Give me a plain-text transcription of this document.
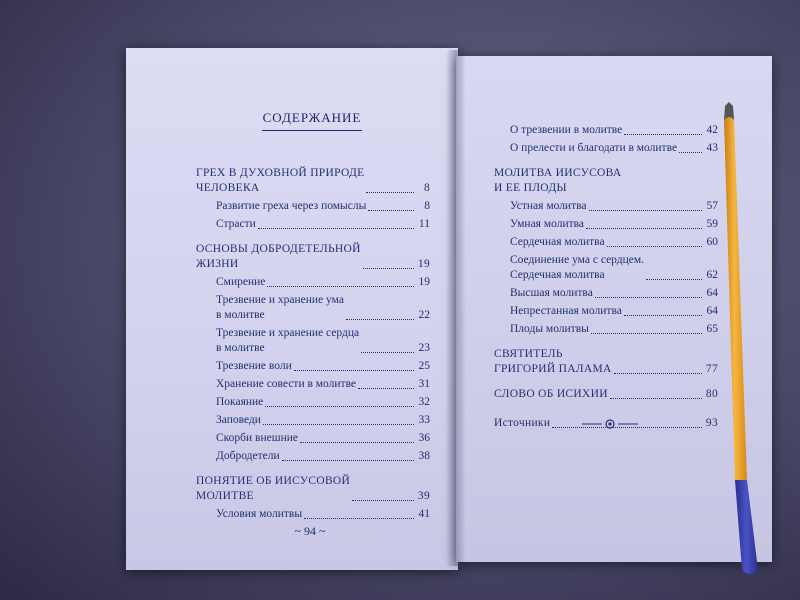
СОДЕРЖАНИЕ
ГРЕХ В ДУХОВНОЙ ПРИРОДЕ
ЧЕЛОВЕКА	8
Развитие греха через помыслы	8
Страсти	11
ОСНОВЫ ДОБРОДЕТЕЛЬНОЙ
ЖИЗНИ	19
Смирение	19
Трезвение и хранение ума
в молитве	22
Трезвение и хранение сердца
в молитве	23
Трезвение воли	25
Хранение совести в молитве	31
Покаяние	32
Заповеди	33
Скорби внешние	36
Добродетели	38
ПОНЯТИЕ ОБ ИИСУСОВОЙ
МОЛИТВЕ	39
Условия молитвы	41
О трезвении в молитве	42
О прелести и благодати в молитве	43
МОЛИТВА ИИСУСОВА
И ЕЕ ПЛОДЫ
Устная молитва	57
Умная молитва	59
Сердечная молитва	60
Соединение ума с сердцем.
Сердечная молитва	62
Высшая молитва	64
Непрестанная молитва	64
Плоды молитвы	65
СВЯТИТЕЛЬ
ГРИГОРИЙ ПАЛАМА	77
СЛОВО ОБ ИСИХИИ	80
Источники	93
~ 94 ~
